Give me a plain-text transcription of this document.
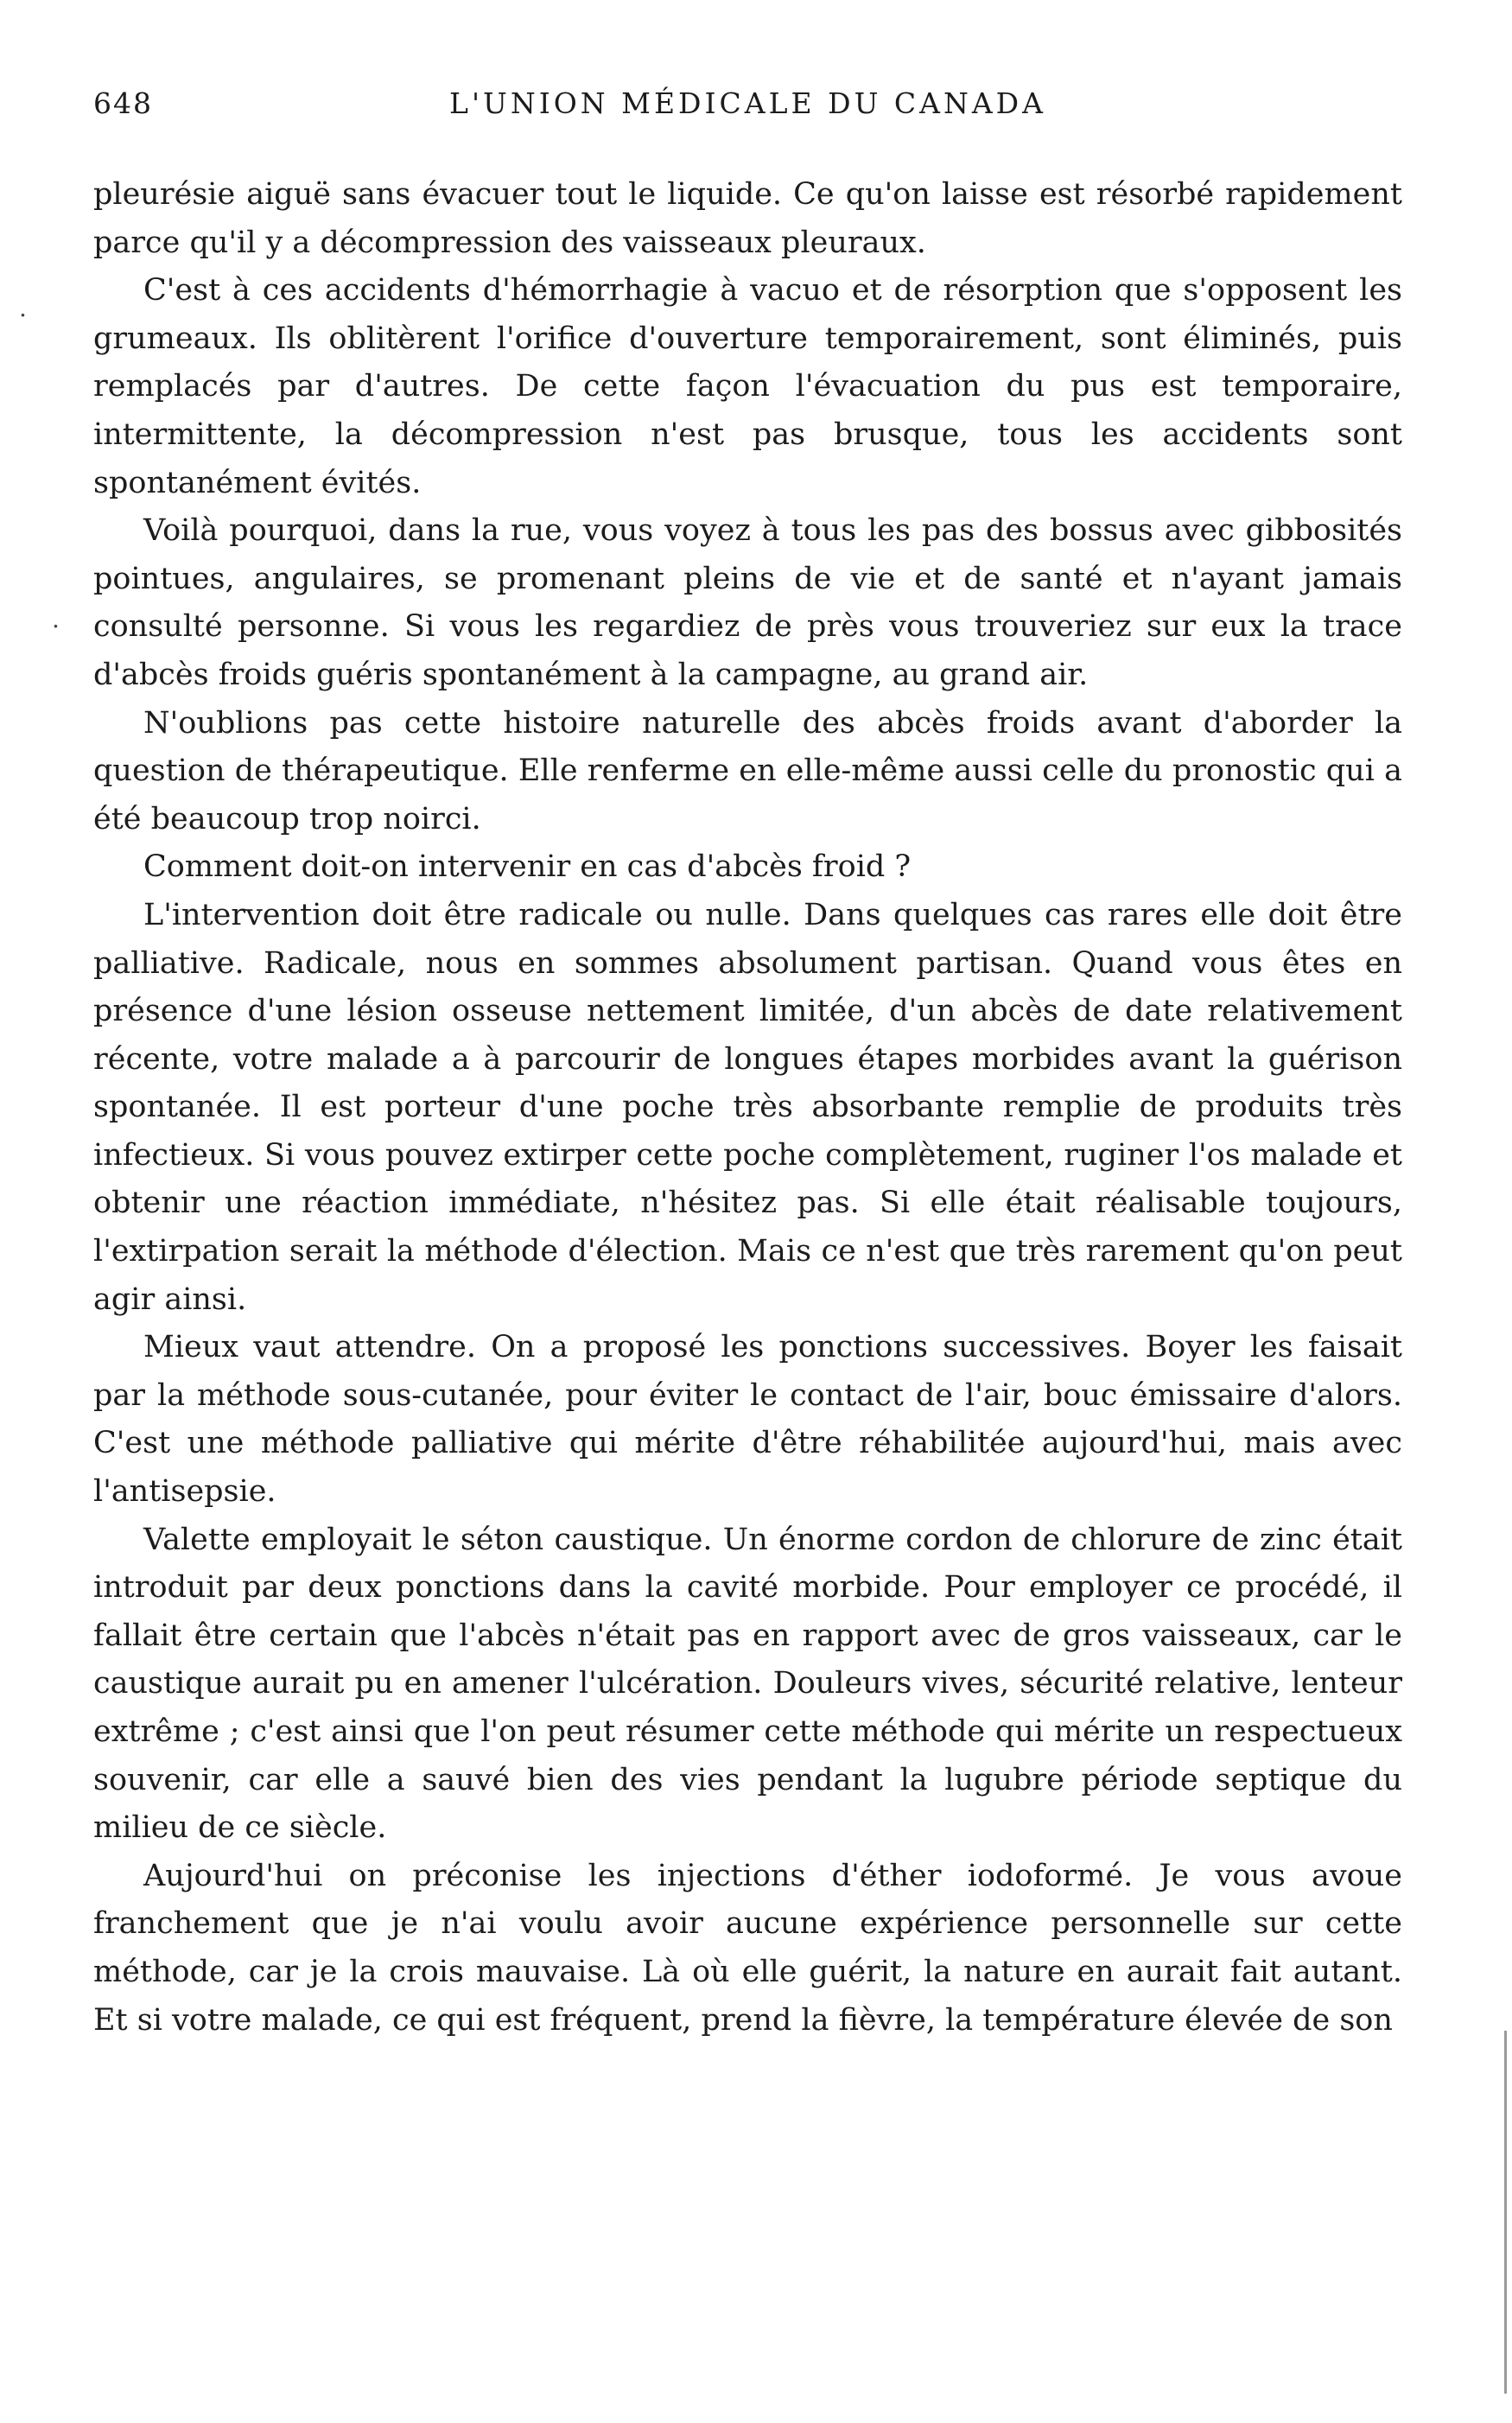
.
.
648	L'UNION MÉDICALE DU CANADA

pleurésie aiguë sans évacuer tout le liquide. Ce qu'on laisse est résorbé rapidement parce qu'il y a décompression des vaisseaux pleuraux.

C'est à ces accidents d'hémorrhagie à vacuo et de résorption que s'opposent les grumeaux. Ils oblitèrent l'orifice d'ouverture temporairement, sont éliminés, puis remplacés par d'autres. De cette façon l'évacuation du pus est temporaire, intermittente, la décompression n'est pas brusque, tous les accidents sont spontanément évités.

Voilà pourquoi, dans la rue, vous voyez à tous les pas des bossus avec gibbosités pointues, angulaires, se promenant pleins de vie et de santé et n'ayant jamais consulté personne. Si vous les regardiez de près vous trouveriez sur eux la trace d'abcès froids guéris spontanément à la campagne, au grand air.

N'oublions pas cette histoire naturelle des abcès froids avant d'aborder la question de thérapeutique. Elle renferme en elle-même aussi celle du pronostic qui a été beaucoup trop noirci.

Comment doit-on intervenir en cas d'abcès froid ?

L'intervention doit être radicale ou nulle. Dans quelques cas rares elle doit être palliative. Radicale, nous en sommes absolument partisan. Quand vous êtes en présence d'une lésion osseuse nettement limitée, d'un abcès de date relativement récente, votre malade a à parcourir de longues étapes morbides avant la guérison spontanée. Il est porteur d'une poche très absorbante remplie de produits très infectieux. Si vous pouvez extirper cette poche complètement, ruginer l'os malade et obtenir une réaction immédiate, n'hésitez pas. Si elle était réalisable toujours, l'extirpation serait la méthode d'élection. Mais ce n'est que très rarement qu'on peut agir ainsi.

Mieux vaut attendre. On a proposé les ponctions successives. Boyer les faisait par la méthode sous-cutanée, pour éviter le contact de l'air, bouc émissaire d'alors. C'est une méthode palliative qui mérite d'être réhabilitée aujourd'hui, mais avec l'antisepsie.

Valette employait le séton caustique. Un énorme cordon de chlorure de zinc était introduit par deux ponctions dans la cavité morbide. Pour employer ce procédé, il fallait être certain que l'abcès n'était pas en rapport avec de gros vaisseaux, car le caustique aurait pu en amener l'ulcération. Douleurs vives, sécurité relative, lenteur extrême ; c'est ainsi que l'on peut résumer cette méthode qui mérite un respectueux souvenir, car elle a sauvé bien des vies pendant la lugubre période septique du milieu de ce siècle.

Aujourd'hui on préconise les injections d'éther iodoformé. Je vous avoue franchement que je n'ai voulu avoir aucune expérience personnelle sur cette méthode, car je la crois mauvaise. Là où elle guérit, la nature en aurait fait autant. Et si votre malade, ce qui est fréquent, prend la fièvre, la température élevée de son
